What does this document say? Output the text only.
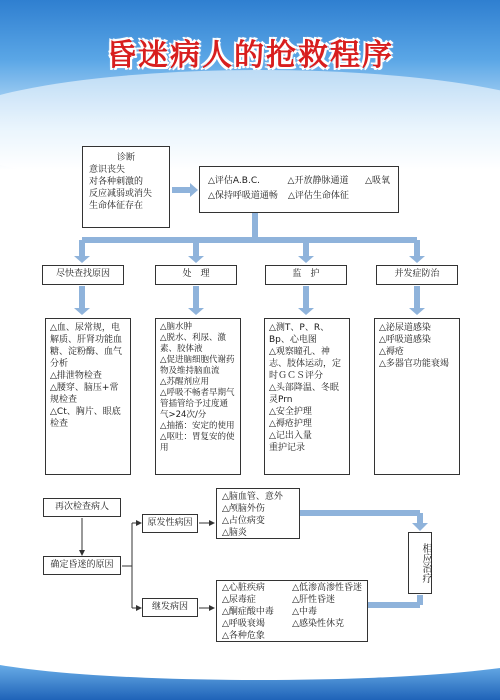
昏迷病人的抢救程序
诊断
意识丧失
对各种刺激的
反应减弱或消失
生命体征存在
△评估A.B.C.	△开放静脉通道	△吸氧
△保持呼吸道通畅	△评估生命体征
尽快查找原因	处　理	监　护	并发症防治
△血、尿常规，电解质、肝肾功能血糖、淀粉酶、血气分析
△排泄物检查
△腰穿、脑压+常规检查
△Ct、胸片、眼底检查
△脑水肿
△脱水、利尿、激素、胶体液
△促进脑细胞代谢药物及维持脑血流
△苏醒剂应用
△呼吸不畅者早期气管插管给予过度通气>24次/分
△抽搐：安定的使用
△呕吐：胃复安的使用
△测T、P、R、Bp、心电图
△观察瞳孔、神志、肢体运动，定时ＧＣＳ评分
△头部降温、冬眠灵Prn
△安全护理
△褥疮护理
△记出入量
重护记录
△泌尿道感染
△呼吸道感染
△褥疮
△多器官功能衰竭
再次检查病人
确定昏迷的原因
原发性病因
继发病因
△脑血管、意外
△颅脑外伤
△占位病变
△脑炎
△心脏疾病
△尿毒症
△酮症酸中毒
△呼吸衰竭
△各种危象
△低渗高渗性昏迷
△肝性昏迷
△中毒
△感染性休克
相应治疗
